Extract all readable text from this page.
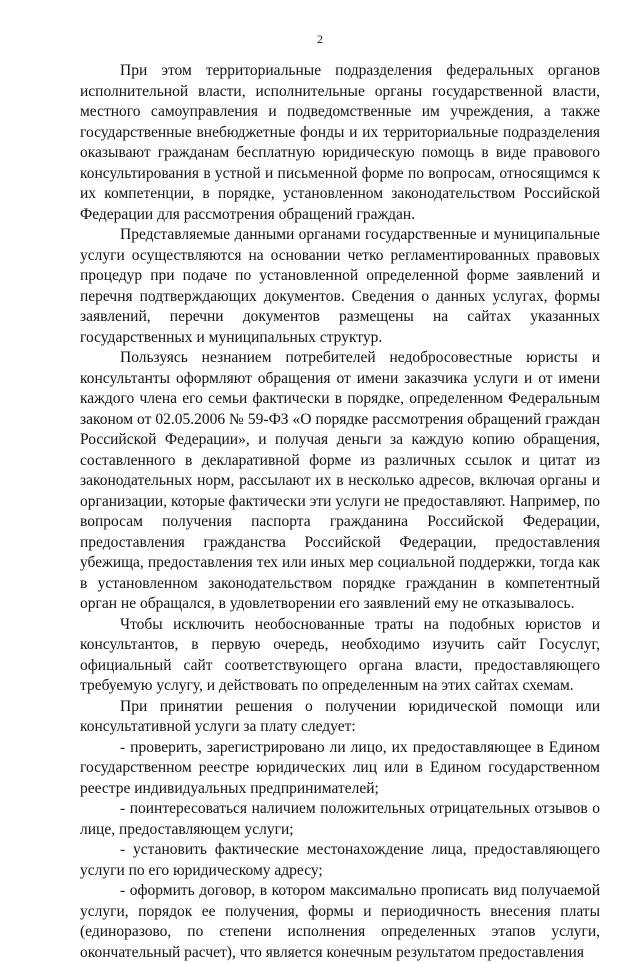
2

При этом территориальные подразделения федеральных органов исполнительной власти, исполнительные органы государственной власти, местного самоуправления и подведомственные им учреждения, а также государственные внебюджетные фонды и их территориальные подразделения оказывают гражданам бесплатную юридическую помощь в виде правового консультирования в устной и письменной форме по вопросам, относящимся к их компетенции, в порядке, установленном законодательством Российской Федерации для рассмотрения обращений граждан.

Представляемые данными органами государственные и муниципальные услуги осуществляются на основании четко регламентированных правовых процедур при подаче по установленной определенной форме заявлений и перечня подтверждающих документов. Сведения о данных услугах, формы заявлений, перечни документов размещены на сайтах указанных государственных и муниципальных структур.

Пользуясь незнанием потребителей недобросовестные юристы и консультанты оформляют обращения от имени заказчика услуги и от имени каждого члена его семьи фактически в порядке, определенном Федеральным законом от 02.05.2006 № 59-ФЗ «О порядке рассмотрения обращений граждан Российской Федерации», и получая деньги за каждую копию обращения, составленного в декларативной форме из различных ссылок и цитат из законодательных норм, рассылают их в несколько адресов, включая органы и организации, которые фактически эти услуги не предоставляют. Например, по вопросам получения паспорта гражданина Российской Федерации, предоставления гражданства Российской Федерации, предоставления убежища, предоставления тех или иных мер социальной поддержки, тогда как в установленном законодательством порядке гражданин в компетентный орган не обращался, в удовлетворении его заявлений ему не отказывалось.

Чтобы исключить необоснованные траты на подобных юристов и консультантов, в первую очередь, необходимо изучить сайт Госуслуг, официальный сайт соответствующего органа власти, предоставляющего требуемую услугу, и действовать по определенным на этих сайтах схемам.

При принятии решения о получении юридической помощи или консультативной услуги за плату следует:

- проверить, зарегистрировано ли лицо, их предоставляющее в Едином государственном реестре юридических лиц или в Едином государственном реестре индивидуальных предпринимателей;

- поинтересоваться наличием положительных отрицательных отзывов о лице, предоставляющем услуги;

- установить фактические местонахождение лица, предоставляющего услуги по его юридическому адресу;

- оформить договор, в котором максимально прописать вид получаемой услуги, порядок ее получения, формы и периодичность внесения платы (единоразово, по степени исполнения определенных этапов услуги, окончательный расчет), что является конечным результатом предоставления
